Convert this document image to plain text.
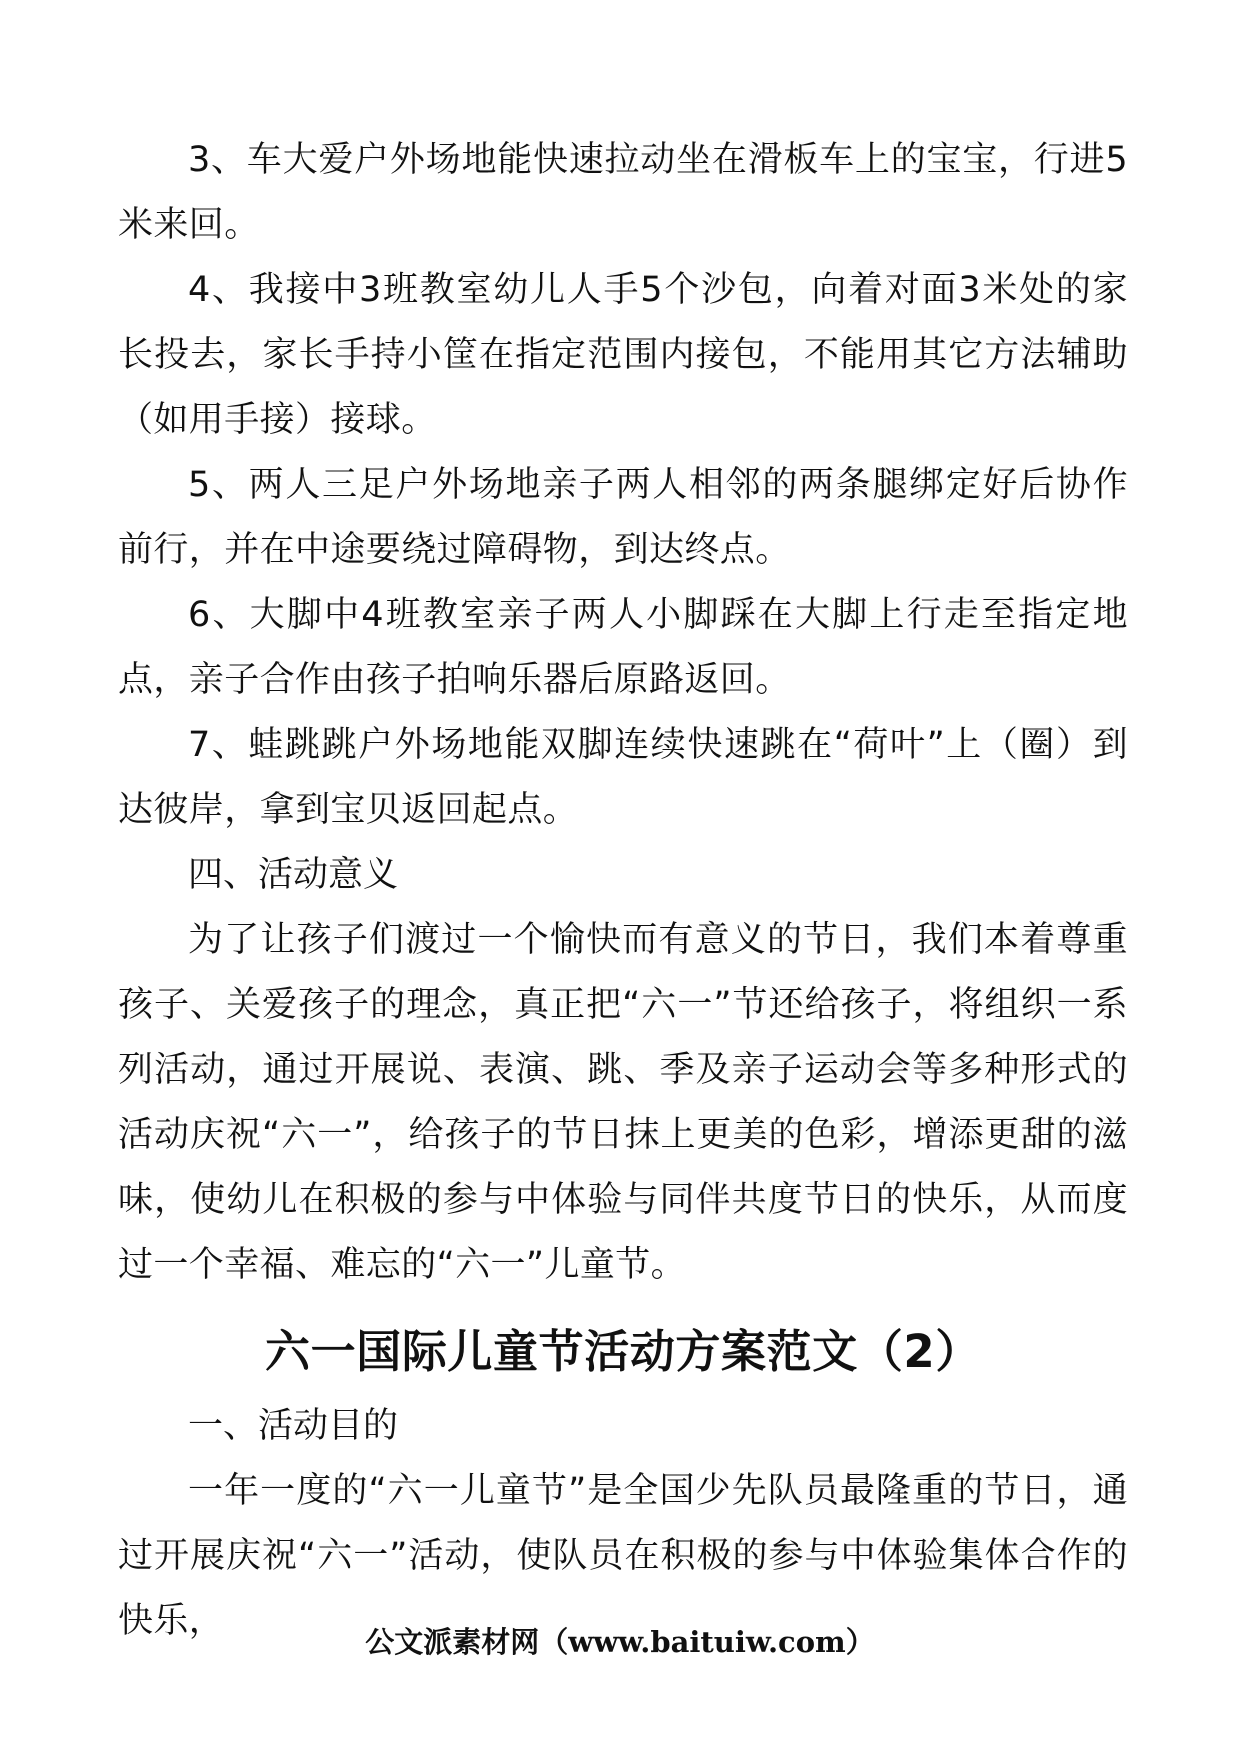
3、车大爱户外场地能快速拉动坐在滑板车上的宝宝，行进5米来回。

4、我接中3班教室幼儿人手5个沙包，向着对面3米处的家长投去，家长手持小筐在指定范围内接包，不能用其它方法辅助（如用手接）接球。

5、两人三足户外场地亲子两人相邻的两条腿绑定好后协作前行，并在中途要绕过障碍物，到达终点。

6、大脚中4班教室亲子两人小脚踩在大脚上行走至指定地点，亲子合作由孩子拍响乐器后原路返回。

7、蛙跳跳户外场地能双脚连续快速跳在“荷叶”上（圈）到达彼岸，拿到宝贝返回起点。

四、活动意义

为了让孩子们渡过一个愉快而有意义的节日，我们本着尊重孩子、关爱孩子的理念，真正把“六一”节还给孩子，将组织一系列活动，通过开展说、表演、跳、季及亲子运动会等多种形式的活动庆祝“六一”，给孩子的节日抹上更美的色彩，增添更甜的滋味，使幼儿在积极的参与中体验与同伴共度节日的快乐，从而度过一个幸福、难忘的“六一”儿童节。

六一国际儿童节活动方案范文（2）

一、活动目的

一年一度的“六一儿童节”是全国少先队员最隆重的节日，通过开展庆祝“六一”活动，使队员在积极的参与中体验集体合作的快乐，

公文派素材网（www.baituiw.com）
